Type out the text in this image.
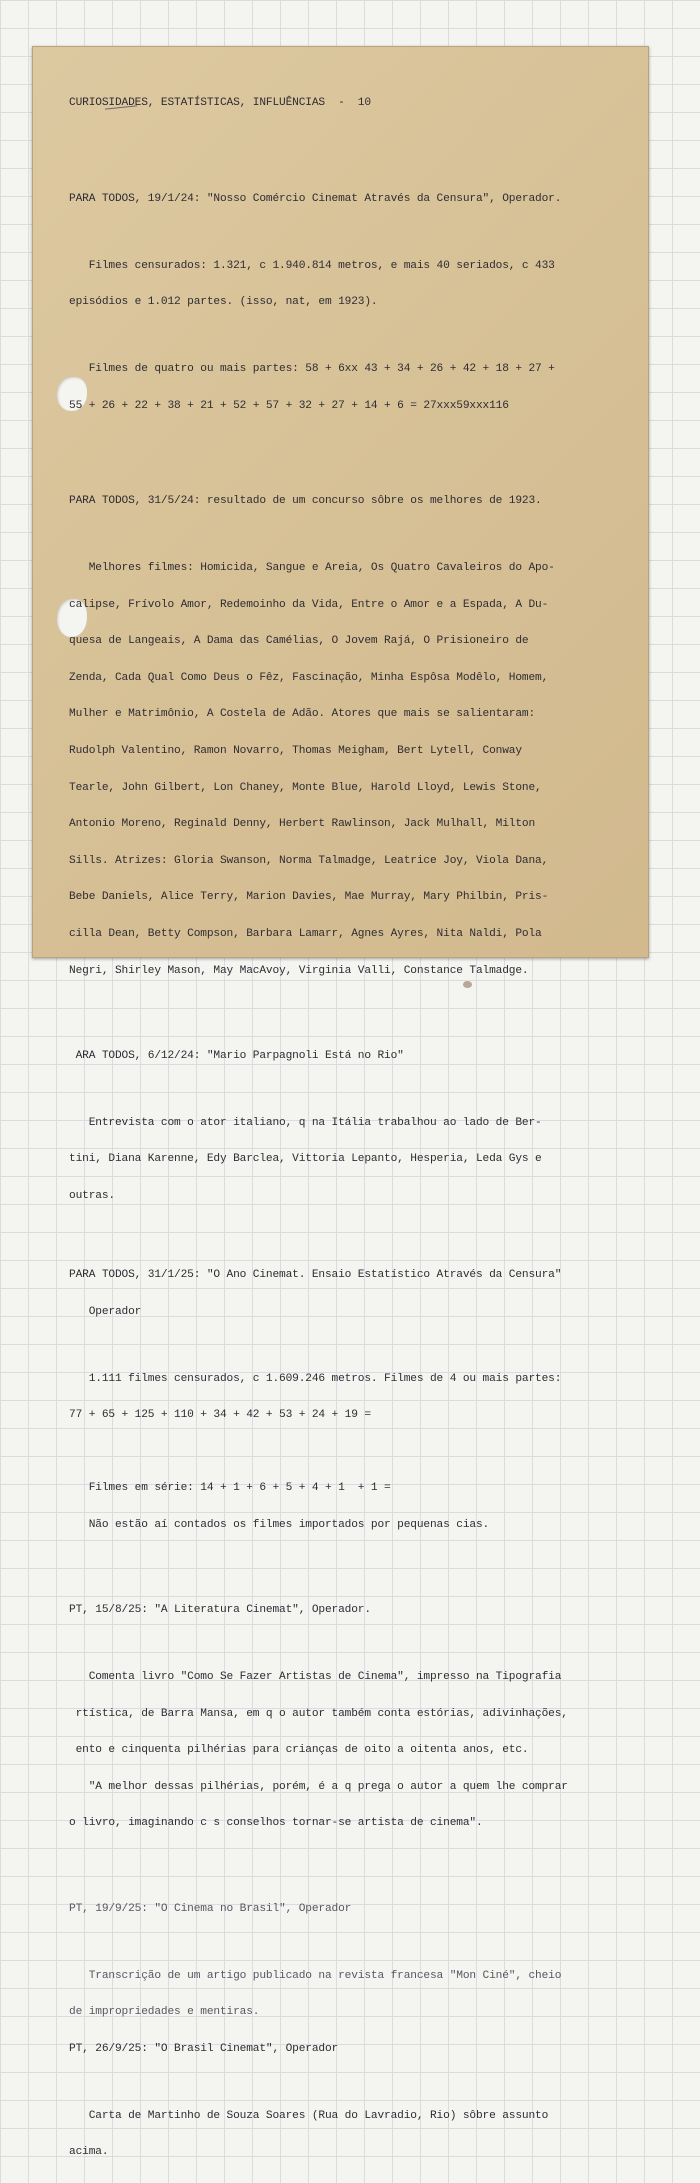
CURIOSIDADES, ESTATÍSTICAS, INFLUÊNCIAS  -  10

PARA TODOS, 19/1/24: "Nosso Comércio Cinemat Através da Censura", Operador.

Filmes censurados: 1.321, c 1.940.814 metros, e mais 40 seriados, c 433

episódios e 1.012 partes. (isso, nat, em 1923).

Filmes de quatro ou mais partes: 58 + 6xx 43 + 34 + 26 + 42 + 18 + 27 +

55 + 26 + 22 + 38 + 21 + 52 + 57 + 32 + 27 + 14 + 6 = 27xxx59xxx116

PARA TODOS, 31/5/24: resultado de um concurso sôbre os melhores de 1923.

Melhores filmes: Homicida, Sangue e Areia, Os Quatro Cavaleiros do Apo-

calipse, Frívolo Amor, Redemoinho da Vida, Entre o Amor e a Espada, A Du-

quesa de Langeais, A Dama das Camélias, O Jovem Rajá, O Prisioneiro de

Zenda, Cada Qual Como Deus o Fêz, Fascinação, Minha Espôsa Modêlo, Homem,

Mulher e Matrimônio, A Costela de Adão. Atores que mais se salientaram:

Rudolph Valentino, Ramon Novarro, Thomas Meigham, Bert Lytell, Conway

Tearle, John Gilbert, Lon Chaney, Monte Blue, Harold Lloyd, Lewis Stone,

Antonio Moreno, Reginald Denny, Herbert Rawlinson, Jack Mulhall, Milton

Sills. Atrizes: Gloria Swanson, Norma Talmadge, Leatrice Joy, Viola Dana,

Bebe Daniels, Alice Terry, Marion Davies, Mae Murray, Mary Philbin, Pris-

cilla Dean, Betty Compson, Barbara Lamarr, Agnes Ayres, Nita Naldi, Pola

Negri, Shirley Mason, May MacAvoy, Virginia Valli, Constance Talmadge.

ARA TODOS, 6/12/24: "Mario Parpagnoli Está no Rio"

Entrevista com o ator italiano, q na Itália trabalhou ao lado de Ber-

tini, Diana Karenne, Edy Barclea, Vittoria Lepanto, Hesperia, Leda Gys e

outras.

PARA TODOS, 31/1/25: "O Ano Cinemat. Ensaio Estatístico Através da Censura"

Operador

1.111 filmes censurados, c 1.609.246 metros. Filmes de 4 ou mais partes:

77 + 65 + 125 + 110 + 34 + 42 + 53 + 24 + 19 =

Filmes em série: 14 + 1 + 6 + 5 + 4 + 1  + 1 =

Não estão aí contados os filmes importados por pequenas cias.

PT, 15/8/25: "A Literatura Cinemat", Operador.

Comenta livro "Como Se Fazer Artistas de Cinema", impresso na Tipografia

rtística, de Barra Mansa, em q o autor também conta estórias, adivinhações,

ento e cinquenta pilhérias para crianças de oito a oitenta anos, etc.

"A melhor dessas pilhérias, porém, é a q prega o autor a quem lhe comprar

o livro, imaginando c s conselhos tornar-se artista de cinema".

PT, 19/9/25: "O Cinema no Brasil", Operador

Transcrição de um artigo publicado na revista francesa "Mon Ciné", cheio

de impropriedades e mentiras.

PT, 26/9/25: "O Brasil Cinemat", Operador

Carta de Martinho de Souza Soares (Rua do Lavradio, Rio) sôbre assunto

acima.
